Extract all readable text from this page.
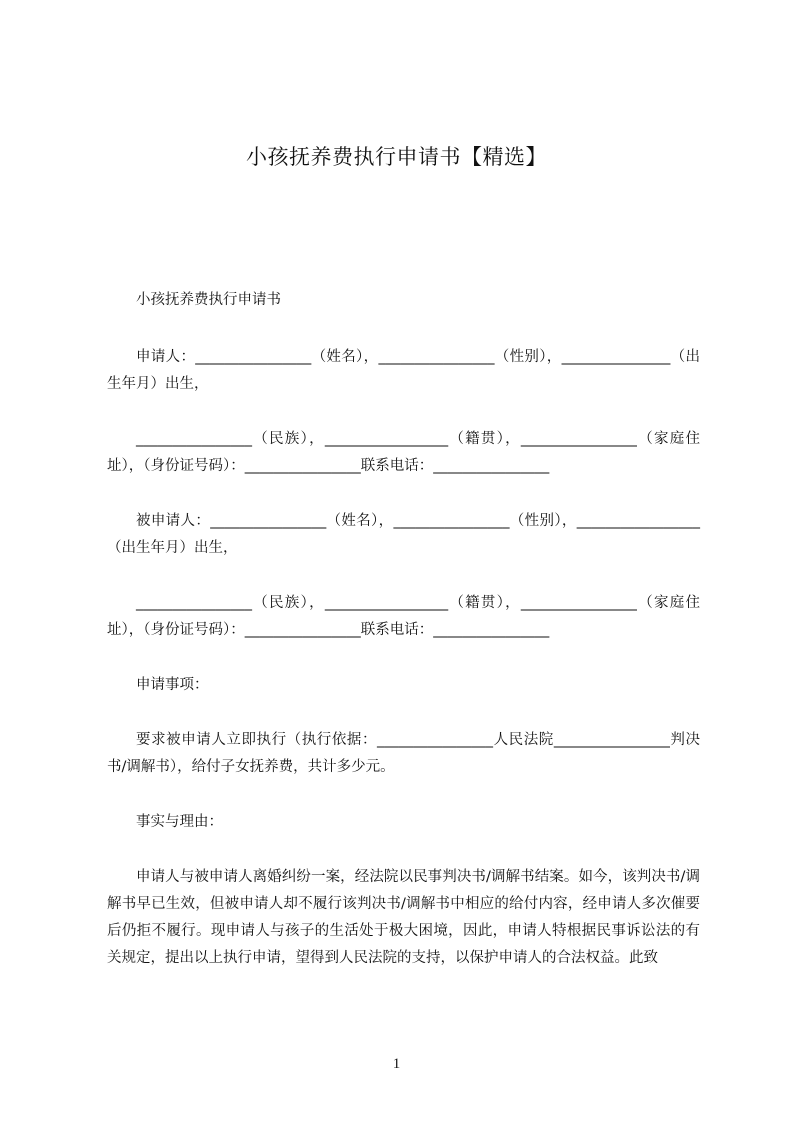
小孩抚养费执行申请书【精选】

小孩抚养费执行申请书

申请人：________________（姓名），________________（性别），_______________（出生年月）出生，

________________（民族），_________________（籍贯），________________（家庭住址），（身份证号码）：________________联系电话：________________

被申请人：________________（姓名），________________（性别），_________________（出生年月）出生，

________________（民族），_________________（籍贯），________________（家庭住址），（身份证号码）：________________联系电话：________________

申请事项：

要求被申请人立即执行（执行依据：________________人民法院________________判决书/调解书），给付子女抚养费，共计多少元。

事实与理由：

申请人与被申请人离婚纠纷一案，经法院以民事判决书/调解书结案。如今，该判决书/调解书早已生效，但被申请人却不履行该判决书/调解书中相应的给付内容，经申请人多次催要后仍拒不履行。现申请人与孩子的生活处于极大困境，因此，申请人特根据民事诉讼法的有关规定，提出以上执行申请，望得到人民法院的支持，以保护申请人的合法权益。此致

1
